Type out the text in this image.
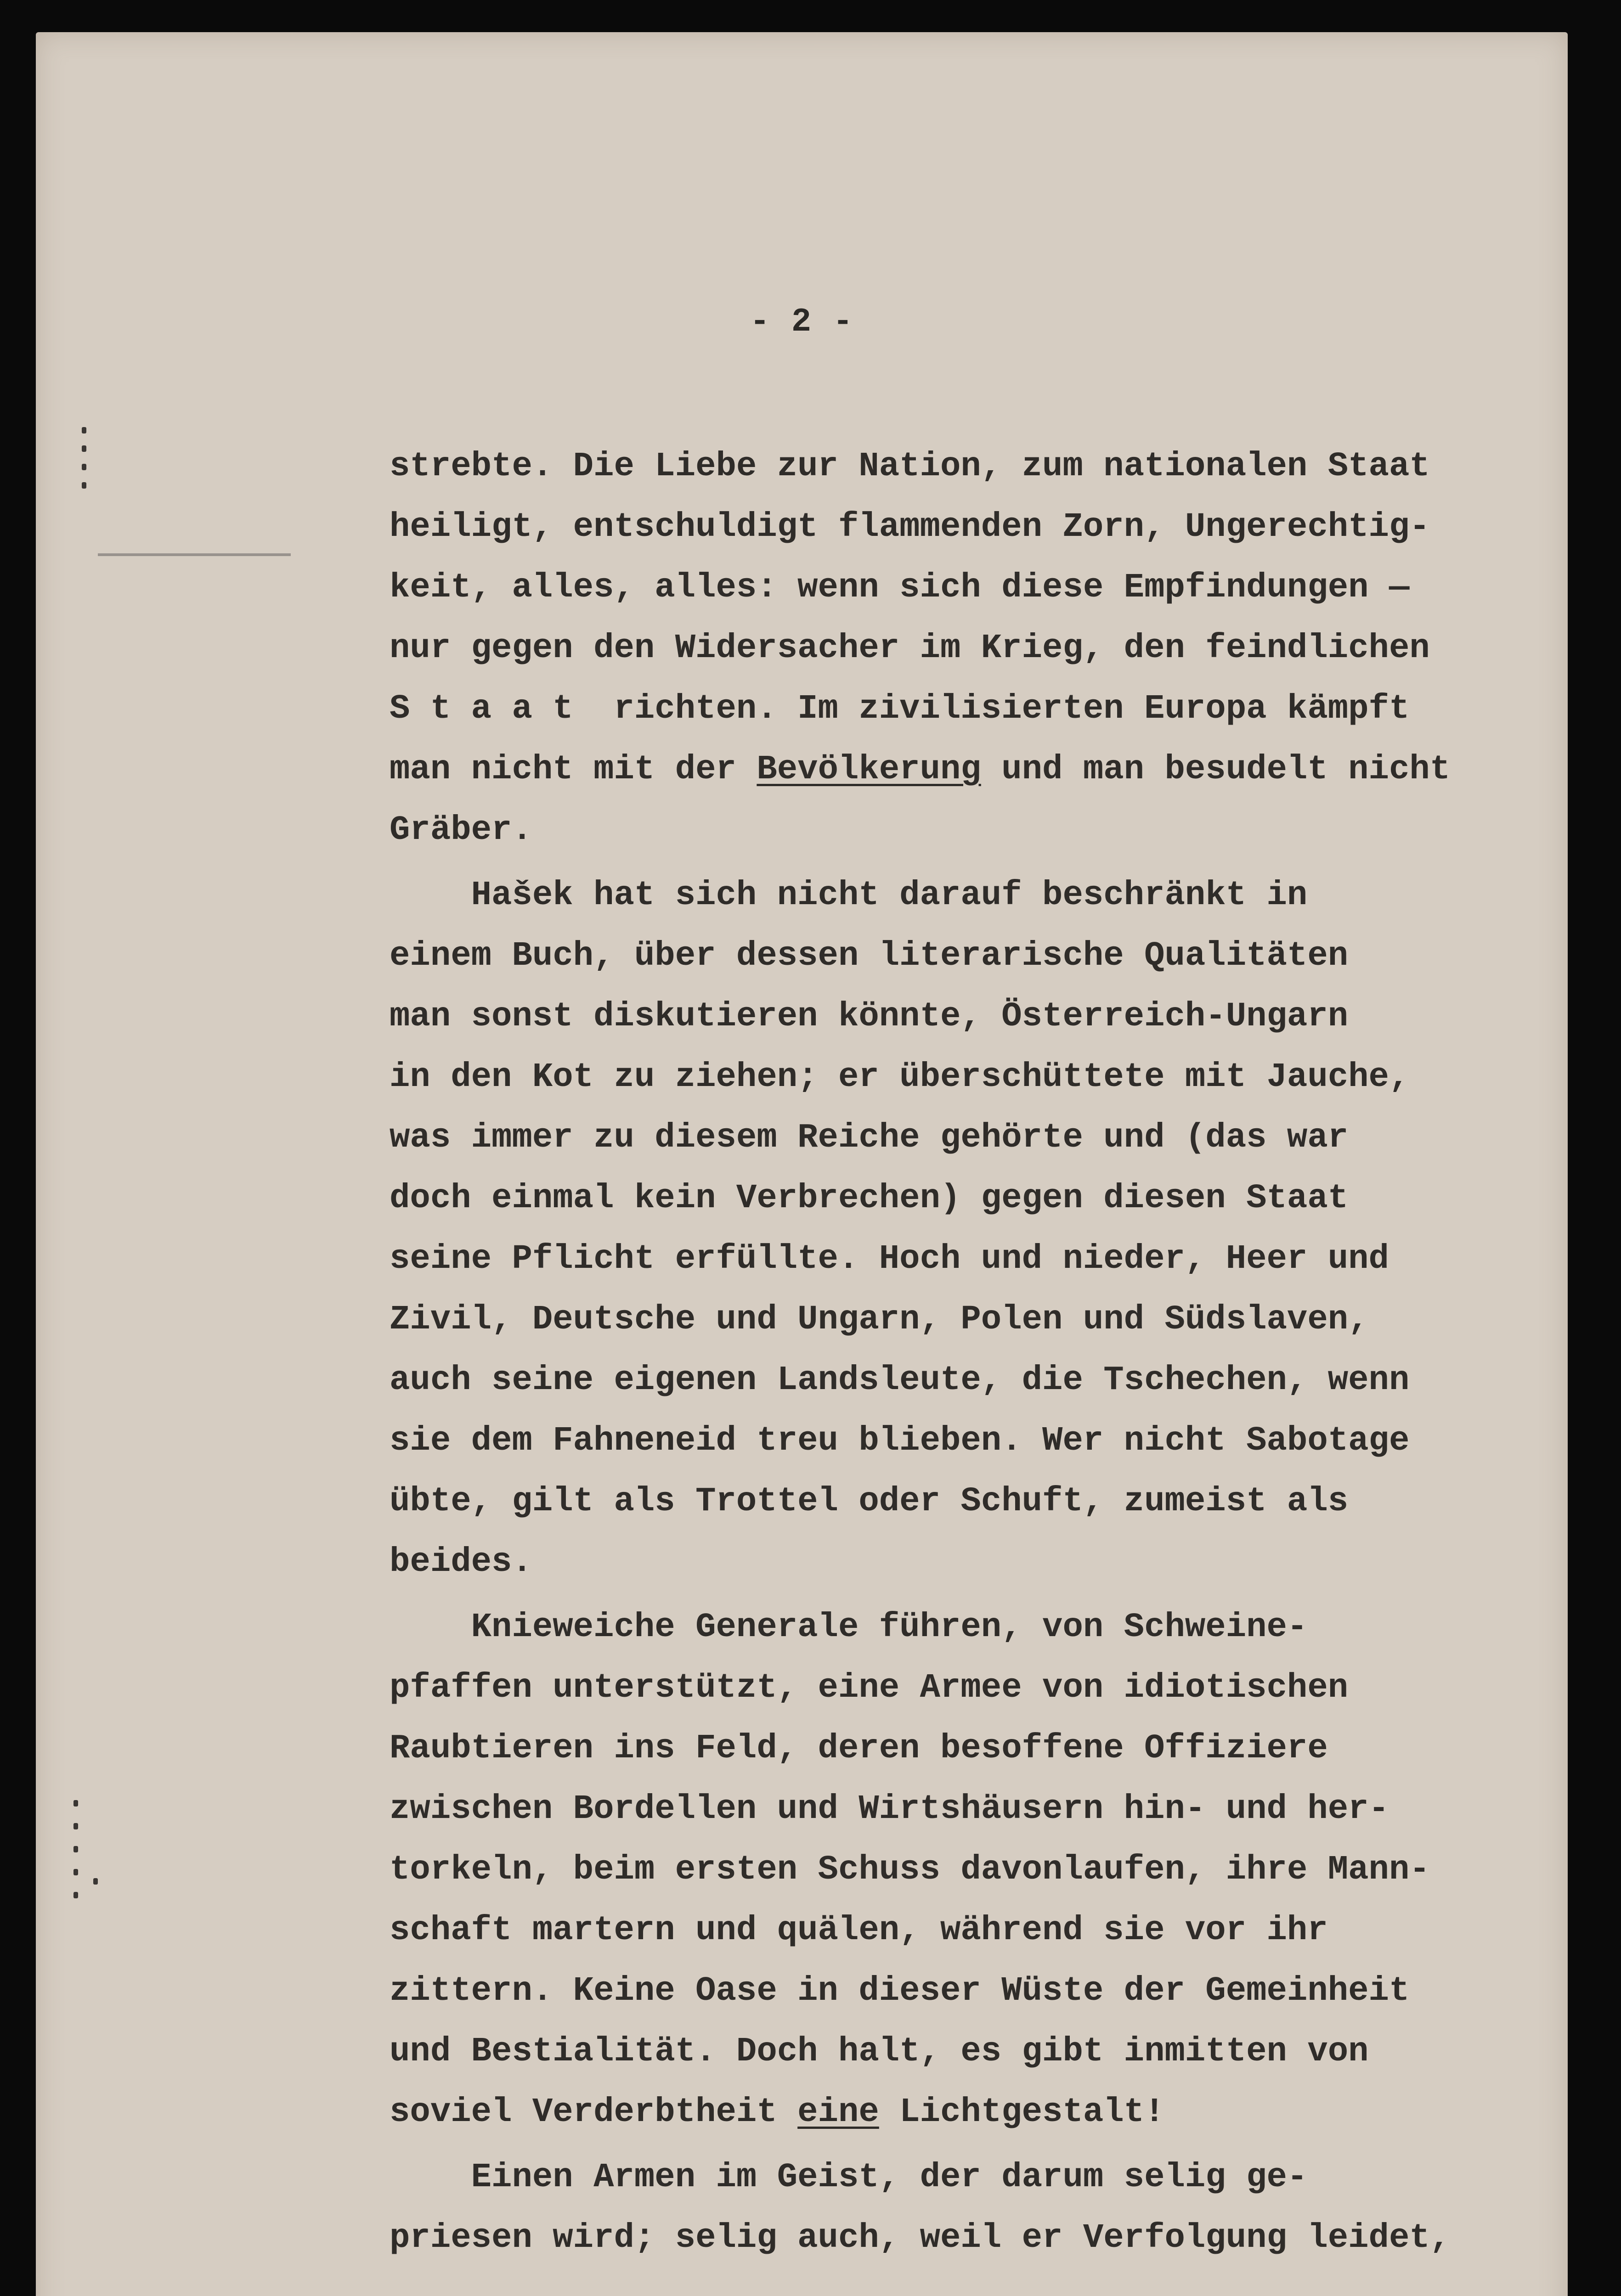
- 2 -
strebte. Die Liebe zur Nation, zum nationalen Staat
heiligt, entschuldigt flammenden Zorn, Ungerechtig-
keit, alles, alles: wenn sich diese Empfindungen —
nur gegen den Widersacher im Krieg, den feindlichen
S t a a t  richten. Im zivilisierten Europa kämpft
man nicht mit der Bevölkerung und man besudelt nicht
Gräber.
Hašek hat sich nicht darauf beschränkt in
einem Buch, über dessen literarische Qualitäten
man sonst diskutieren könnte, Österreich-Ungarn
in den Kot zu ziehen; er überschüttete mit Jauche,
was immer zu diesem Reiche gehörte und (das war
doch einmal kein Verbrechen) gegen diesen Staat
seine Pflicht erfüllte. Hoch und nieder, Heer und
Zivil, Deutsche und Ungarn, Polen und Südslaven,
auch seine eigenen Landsleute, die Tschechen, wenn
sie dem Fahneneid treu blieben. Wer nicht Sabotage
übte, gilt als Trottel oder Schuft, zumeist als
beides.
Knieweiche Generale führen, von Schweine-
pfaffen unterstützt, eine Armee von idiotischen
Raubtieren ins Feld, deren besoffene Offiziere
zwischen Bordellen und Wirtshäusern hin- und her-
torkeln, beim ersten Schuss davonlaufen, ihre Mann-
schaft martern und quälen, während sie vor ihr
zittern. Keine Oase in dieser Wüste der Gemeinheit
und Bestialität. Doch halt, es gibt inmitten von
soviel Verderbtheit eine Lichtgestalt!
Einen Armen im Geist, der darum selig ge-
priesen wird; selig auch, weil er Verfolgung leidet,
